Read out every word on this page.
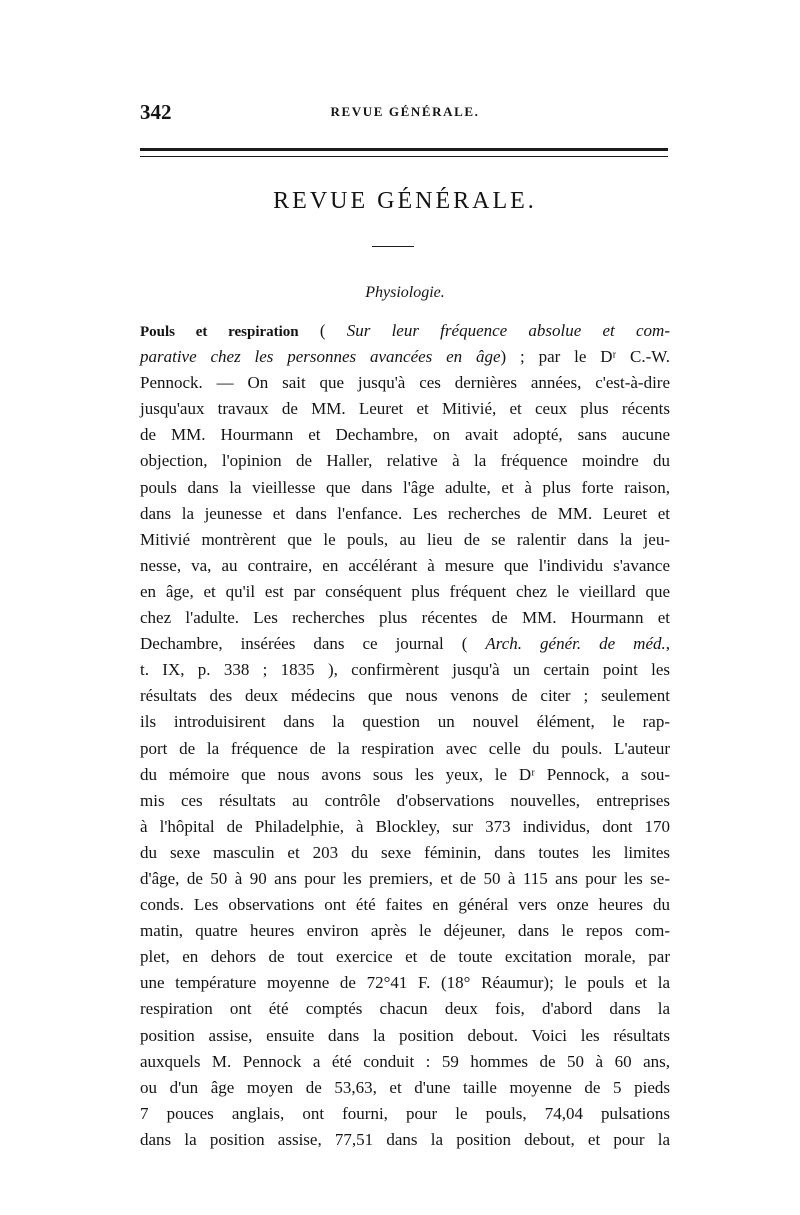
342	REVUE GÉNÉRALE.
REVUE GÉNÉRALE.
Physiologie.
Pouls et respiration ( Sur leur fréquence absolue et com-
parative chez les personnes avancées en âge) ; par le Dʳ C.-W.
Pennock. — On sait que jusqu'à ces dernières années, c'est-à-dire
jusqu'aux travaux de MM. Leuret et Mitivié, et ceux plus récents
de MM. Hourmann et Dechambre, on avait adopté, sans aucune
objection, l'opinion de Haller, relative à la fréquence moindre du
pouls dans la vieillesse que dans l'âge adulte, et à plus forte raison,
dans la jeunesse et dans l'enfance. Les recherches de MM. Leuret et
Mitivié montrèrent que le pouls, au lieu de se ralentir dans la jeu-
nesse, va, au contraire, en accélérant à mesure que l'individu s'avance
en âge, et qu'il est par conséquent plus fréquent chez le vieillard que
chez l'adulte. Les recherches plus récentes de MM. Hourmann et
Dechambre, insérées dans ce journal ( Arch. génér. de méd.,
t. IX, p. 338 ; 1835 ), confirmèrent jusqu'à un certain point les
résultats des deux médecins que nous venons de citer ; seulement
ils introduisirent dans la question un nouvel élément, le rap-
port de la fréquence de la respiration avec celle du pouls. L'auteur
du mémoire que nous avons sous les yeux, le Dʳ Pennock, a sou-
mis ces résultats au contrôle d'observations nouvelles, entreprises
à l'hôpital de Philadelphie, à Blockley, sur 373 individus, dont 170
du sexe masculin et 203 du sexe féminin, dans toutes les limites
d'âge, de 50 à 90 ans pour les premiers, et de 50 à 115 ans pour les se-
conds. Les observations ont été faites en général vers onze heures du
matin, quatre heures environ après le déjeuner, dans le repos com-
plet, en dehors de tout exercice et de toute excitation morale, par
une température moyenne de 72°41 F. (18° Réaumur); le pouls et la
respiration ont été comptés chacun deux fois, d'abord dans la
position assise, ensuite dans la position debout. Voici les résultats
auxquels M. Pennock a été conduit : 59 hommes de 50 à 60 ans,
ou d'un âge moyen de 53,63, et d'une taille moyenne de 5 pieds
7 pouces anglais, ont fourni, pour le pouls, 74,04 pulsations
dans la position assise, 77,51 dans la position debout, et pour la
